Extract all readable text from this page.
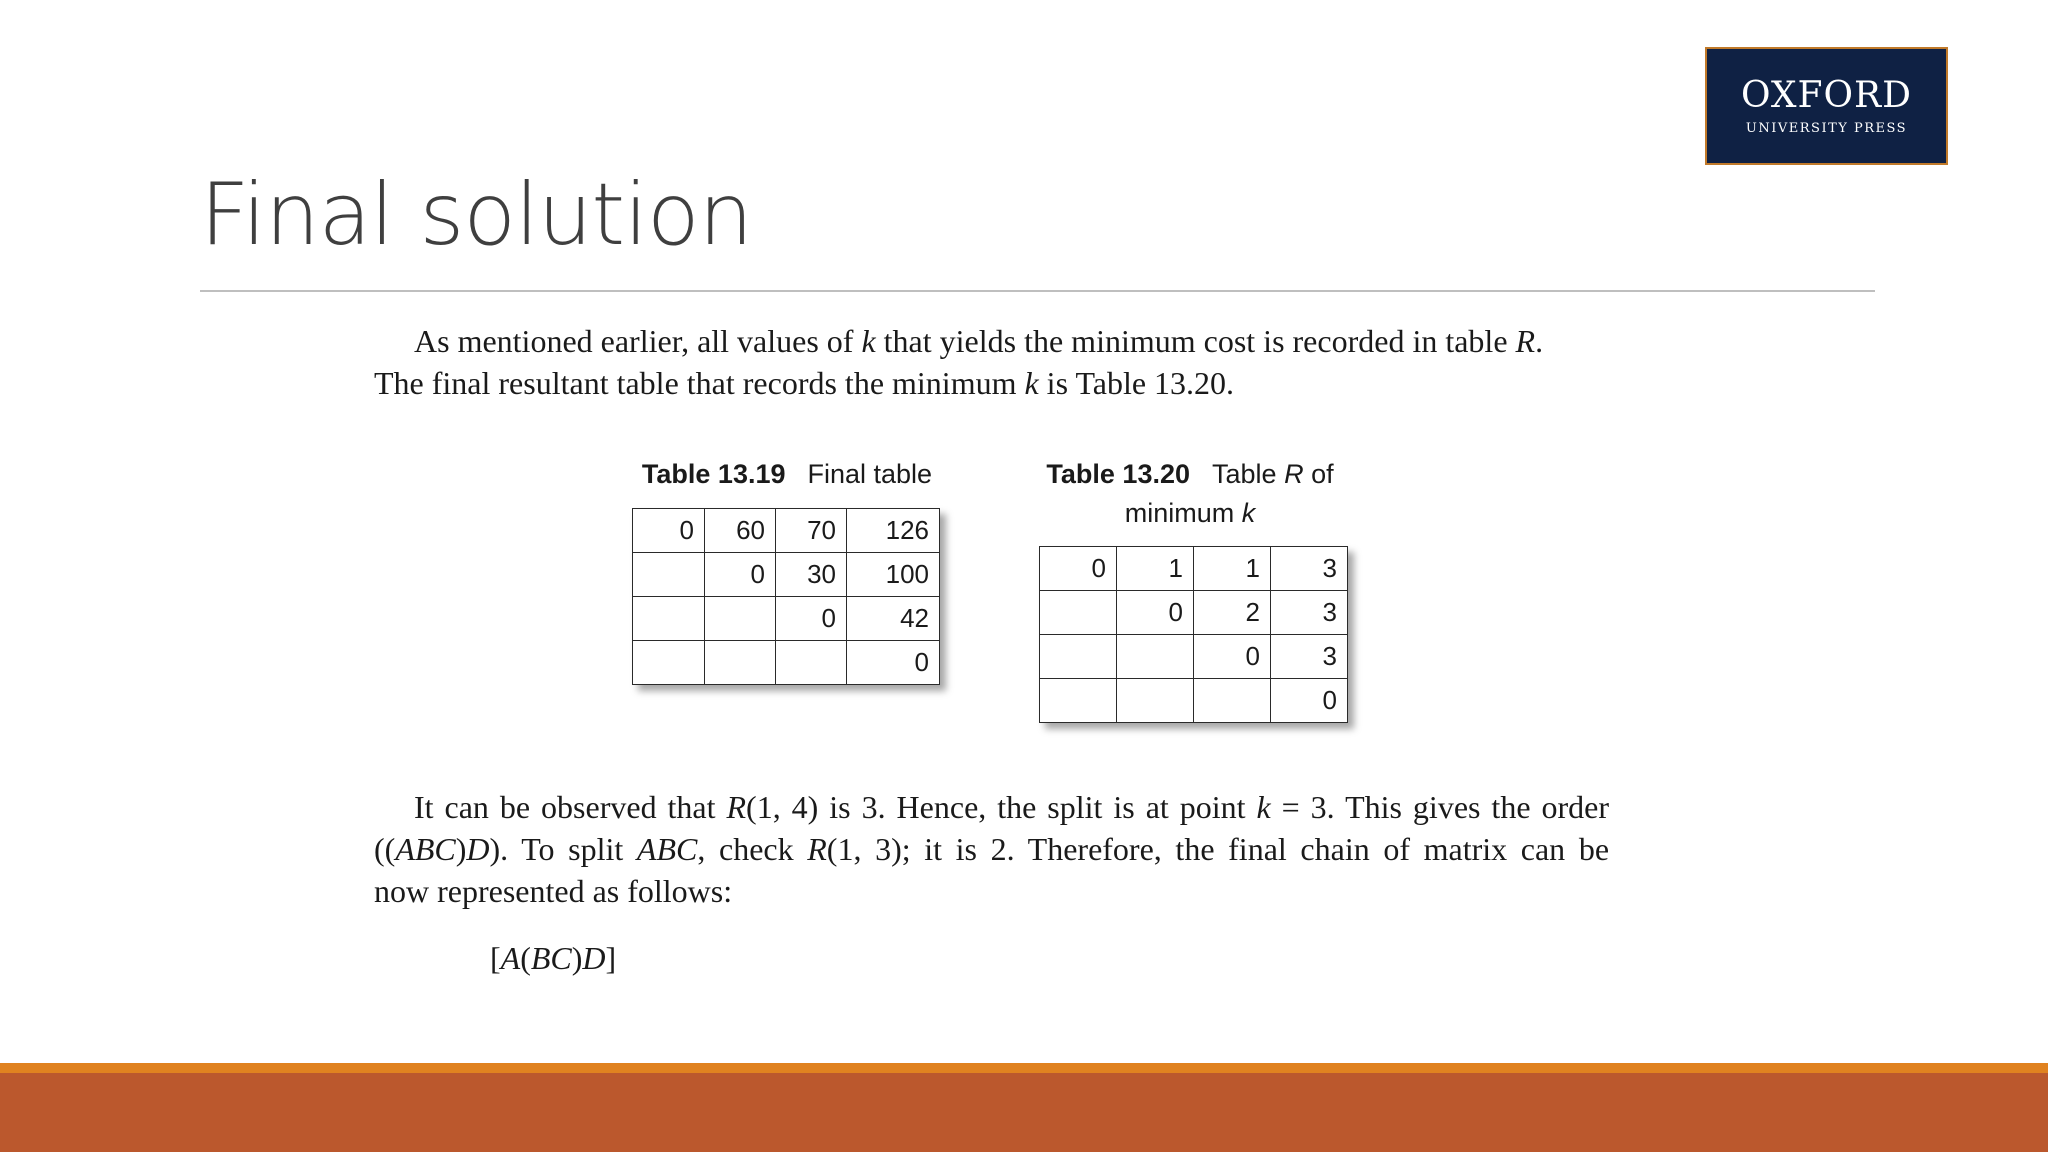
OXFORD
UNIVERSITY PRESS
Final solution
As mentioned earlier, all values of k that yields the minimum cost is recorded in table R.
The final resultant table that records the minimum k is Table 13.20.
Table 13.19 Final table
0	60	70	126
	0	30	100
		0	42
			0
Table 13.20 Table R of
minimum k
0	1	1	3
	0	2	3
		0	3
			0
It can be observed that R(1, 4) is 3. Hence, the split is at point k = 3. This gives the order
((ABC)D). To split ABC, check R(1, 3); it is 2. Therefore, the final chain of matrix can be
now represented as follows:
[A(BC)D]
